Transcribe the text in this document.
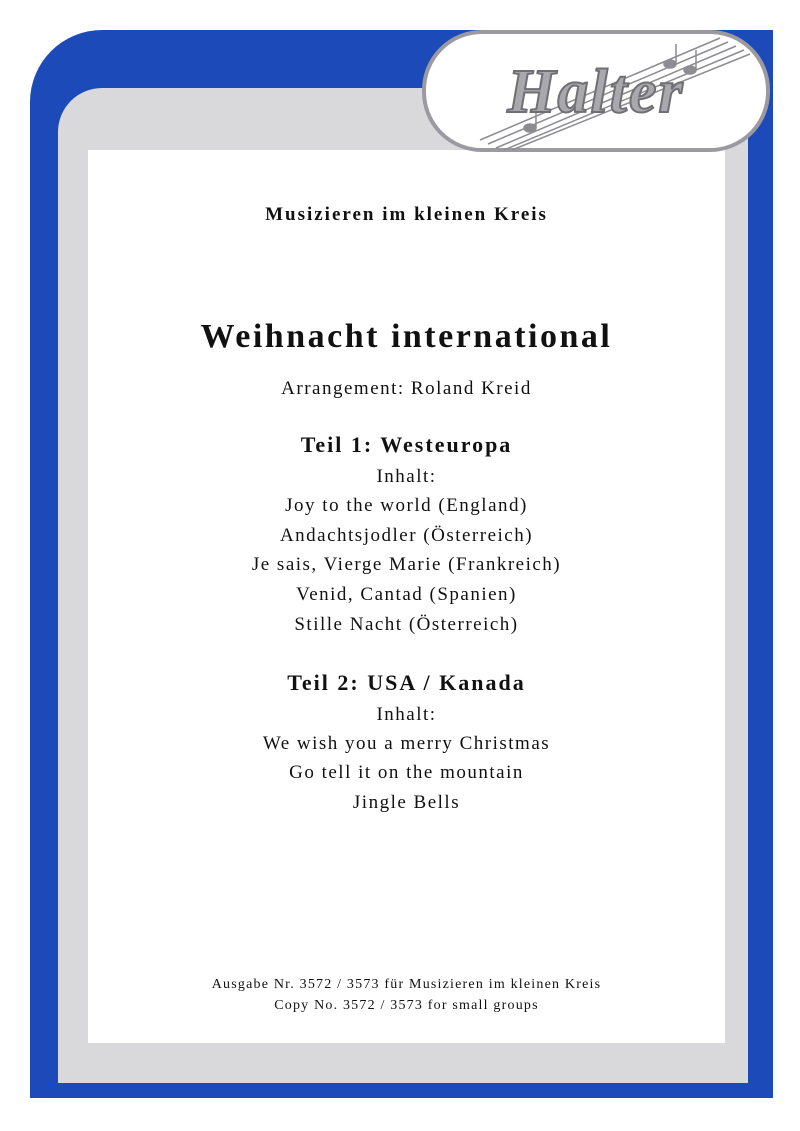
Halter
Musizieren im kleinen Kreis
Weihnacht international
Arrangement: Roland Kreid
Teil 1: Westeuropa
Inhalt:
Joy to the world (England)
Andachtsjodler (Österreich)
Je sais, Vierge Marie (Frankreich)
Venid, Cantad (Spanien)
Stille Nacht (Österreich)
Teil 2: USA / Kanada
Inhalt:
We wish you a merry Christmas
Go tell it on the mountain
Jingle Bells
Ausgabe Nr. 3572 / 3573 für Musizieren im kleinen Kreis
Copy No. 3572 / 3573 for small groups
